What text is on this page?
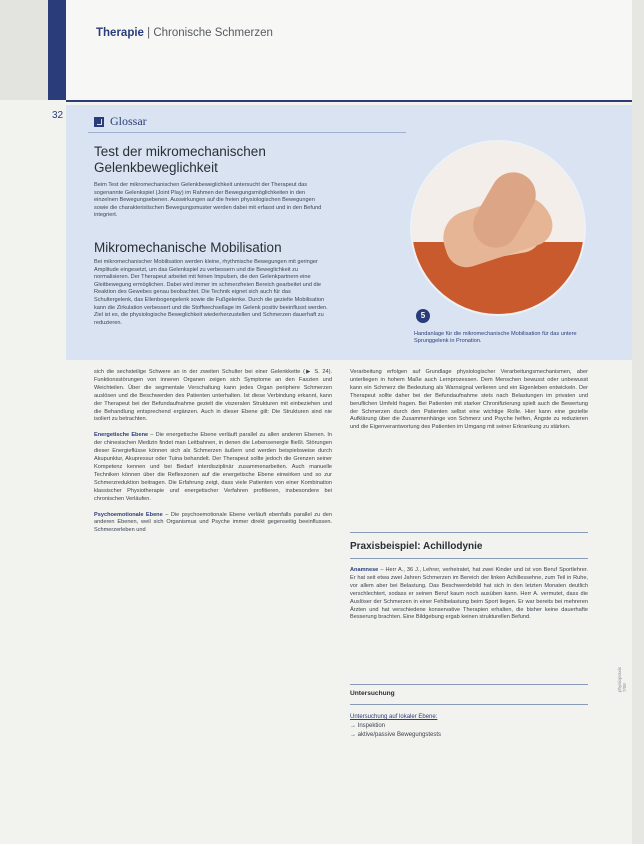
Therapie | Chronische Schmerzen
32	Glossar
Test der mikromechanischen
Gelenkbeweglichkeit
Beim Test der mikromechanischen Gelenkbeweglichkeit untersucht der Therapeut das sogenannte Gelenkspiel (Joint Play) im Rahmen der Bewegungsmöglichkeiten in den einzelnen Bewegungsebenen. Auswirkungen auf die freien physiologischen Bewegungen sowie die charakteristischen Bewegungsmuster werden dabei mit erfasst und in den Befund integriert.
Mikromechanische Mobilisation
Bei mikromechanischer Mobilisation werden kleine, rhythmische Bewegungen mit geringer Amplitude eingesetzt, um das Gelenkspiel zu verbessern und die Beweglichkeit zu normalisieren. Der Therapeut arbeitet mit feinen Impulsen, die den Gelenkpartnern eine Gleitbewegung ermöglichen. Dabei wird immer im schmerzfreien Bereich gearbeitet und die Reaktion des Gewebes genau beobachtet. Die Technik eignet sich auch für das Schultergelenk, das Ellenbogengelenk sowie die Fußgelenke. Durch die gezielte Mobilisation kann die Zirkulation verbessert und die Stoffwechsellage im Gelenk positiv beeinflusst werden. Ziel ist es, die physiologische Beweglichkeit wiederherzustellen und Schmerzen dauerhaft zu reduzieren.
© Thieme
5
Handanlage für die mikromechanische Mobilisation für das untere Sprunggelenk in Pronation.

sich die sechsteilige Schwere an in der zweiten Schulter bei einer Gelenkkette (▶ S. 24). Funktionsstörungen von inneren Organen zeigen sich Symptome an den Faszien und Weichteilen. Über die segmentale Verschaltung kann jedes Organ periphere Schmerzen auslösen und die Beschwerden des Patienten unterhalten. Ist diese Verbindung erkannt, kann der Therapeut bei der Befundaufnahme gezielt die viszeralen Strukturen mit einbeziehen und die Behandlung entsprechend ergänzen. Auch in dieser Ebene gilt: Die Strukturen sind nie isoliert zu betrachten.

Energetische Ebene – Die energetische Ebene verläuft parallel zu allen anderen Ebenen. In der chinesischen Medizin findet man Leitbahnen, in denen die Lebensenergie fließt. Störungen dieser Energieflüsse können sich als Schmerzen äußern und werden beispielsweise durch Akupunktur, Akupressur oder Tuina behandelt. Der Therapeut sollte jedoch die Grenzen seiner Kompetenz kennen und bei Bedarf interdisziplinär zusammenarbeiten. Auch manuelle Techniken können über die Reflexzonen auf die energetische Ebene einwirken und so zur Schmerzreduktion beitragen. Die Erfahrung zeigt, dass viele Patienten von einer Kombination klassischer Physiotherapie und energetischer Verfahren profitieren, insbesondere bei chronischen Verläufen.

Psychoemotionale Ebene – Die psychoemotionale Ebene verläuft ebenfalls parallel zu den anderen Ebenen, weil sich Organismus und Psyche immer direkt gegenseitig beeinflussen. Schmerzerleben und

Verarbeitung erfolgen auf Grundlage physiologischer Verarbeitungsmechanismen, aber unterliegen in hohem Maße auch Lernprozessen. Dem Menschen bewusst oder unbewusst kann ein Schmerz die Bedeutung als Warnsignal verlieren und ein Eigenleben entwickeln. Der Therapeut sollte daher bei der Befundaufnahme stets nach Belastungen im privaten und beruflichen Umfeld fragen. Bei Patienten mit starker Chronifizierung spielt auch die Bewertung der Schmerzen durch den Patienten selbst eine wichtige Rolle. Hier kann eine gezielte Aufklärung über die Zusammenhänge von Schmerz und Psyche helfen, Ängste zu reduzieren und die Eigenverantwortung des Patienten im Umgang mit seiner Erkrankung zu stärken.

Praxisbeispiel: Achillodynie
Anamnese – Herr A., 36 J., Lehrer, verheiratet, hat zwei Kinder und ist von Beruf Sportlehrer. Er hat seit etwa zwei Jahren Schmerzen im Bereich der linken Achillessehne, zum Teil in Ruhe, vor allem aber bei Belastung. Das Beschwerdebild hat sich in den letzten Monaten deutlich verschlechtert, sodass er seinen Beruf kaum noch ausüben kann. Herr A. vermutet, dass die Auslöser der Schmerzen in einer Fehlbelastung beim Sport liegen. Er war bereits bei mehreren Ärzten und hat verschiedene konservative Therapien erhalten, die bisher keine dauerhafte Besserung brachten. Eine Bildgebung ergab keinen strukturellen Befund.
Untersuchung
Untersuchung auf lokaler Ebene:
→ Inspektion
→ aktive/passive Bewegungstests
physiopraxis 7/08
